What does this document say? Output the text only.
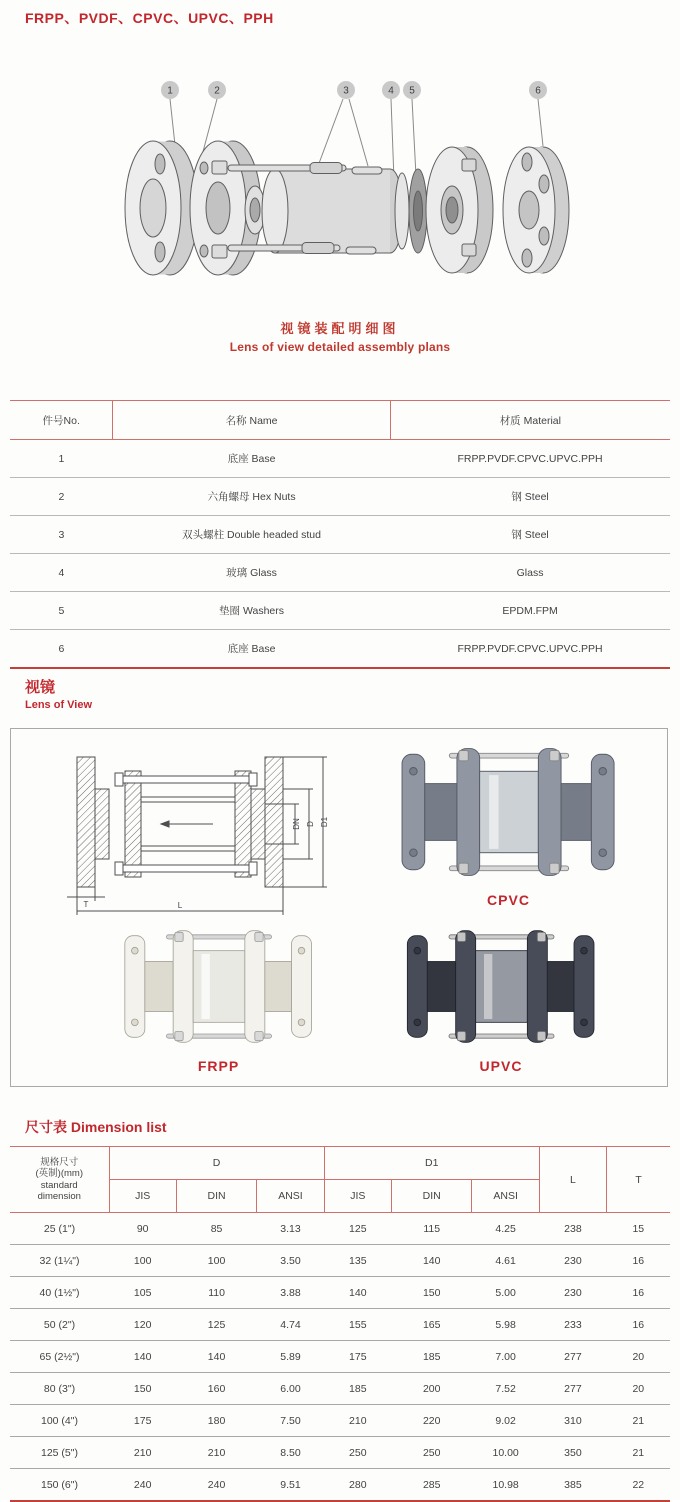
FRPP、PVDF、CPVC、UPVC、PPH
1	2	3	4 5	6
视镜装配明细图
Lens of view detailed assembly plans
件号No.	名称 Name	材质 Material
1	底座 Base	FRPP.PVDF.CPVC.UPVC.PPH
2	六角螺母 Hex Nuts	钢 Steel
3	双头螺柱 Double headed stud	钢 Steel
4	玻璃 Glass	Glass
5	垫圈 Washers	EPDM.FPM
6	底座 Base	FRPP.PVDF.CPVC.UPVC.PPH
视镜
Lens of View
DN D D1
T	L	CPVC
FRPP	UPVC
尺寸表 Dimension list
规格尺寸
(英制)(mm)
standard
dimension	D			D1			L	T
	JIS	DIN	ANSI	JIS	DIN	ANSI		
25 (1")	90	85	3.13	125	115	4.25	238	15
32 (1¼")	100	100	3.50	135	140	4.61	230	16
40 (1½")	105	110	3.88	140	150	5.00	230	16
50 (2")	120	125	4.74	155	165	5.98	233	16
65 (2½")	140	140	5.89	175	185	7.00	277	20
80 (3")	150	160	6.00	185	200	7.52	277	20
100 (4")	175	180	7.50	210	220	9.02	310	21
125 (5")	210	210	8.50	250	250	10.00	350	21
150 (6")	240	240	9.51	280	285	10.98	385	22
